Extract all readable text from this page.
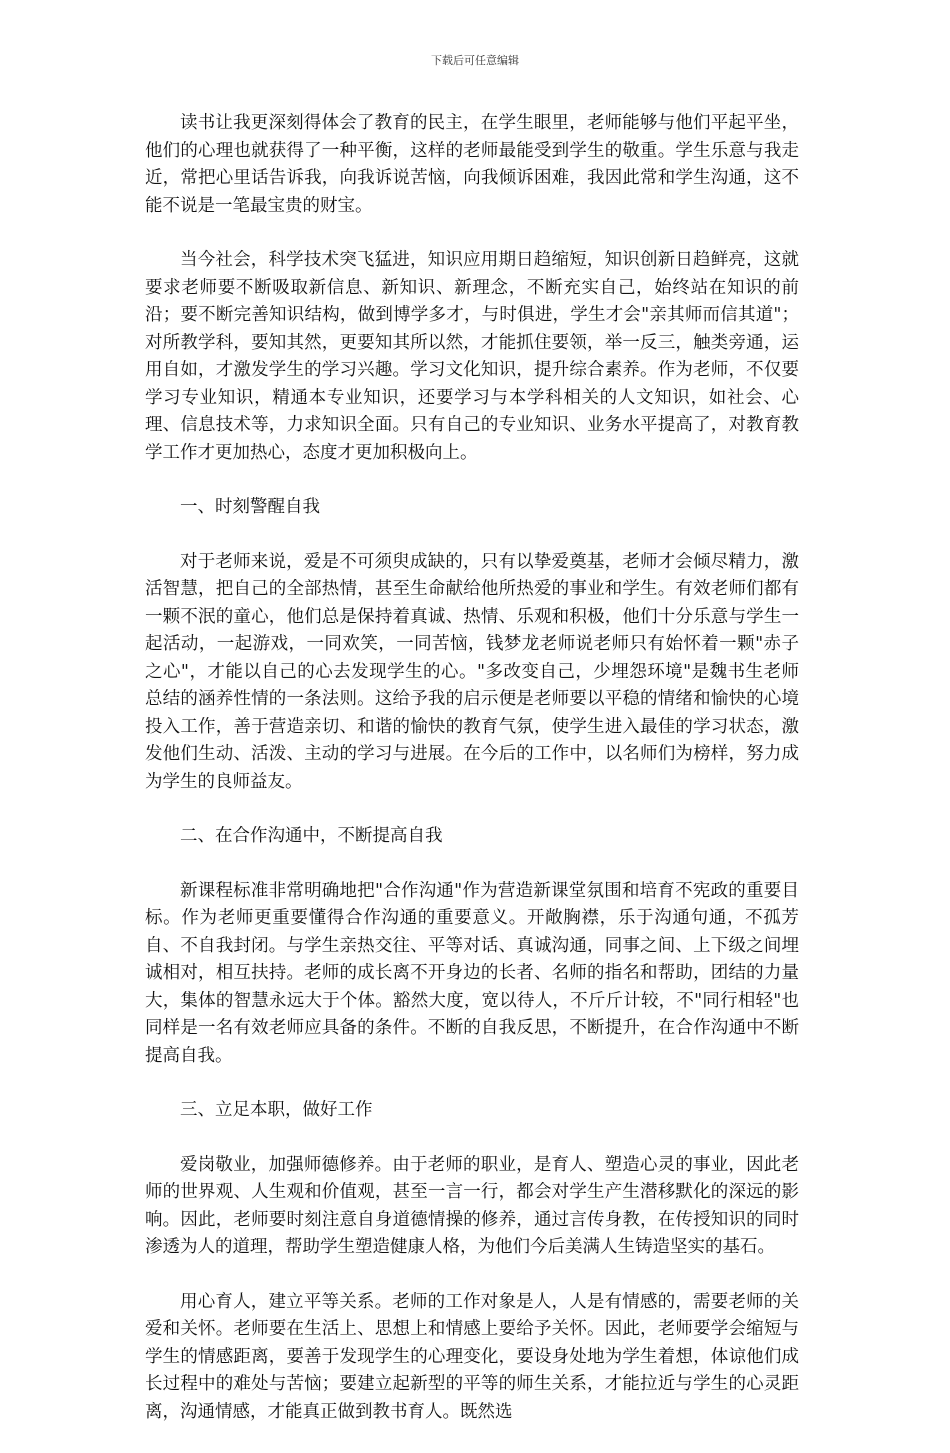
下载后可任意编辑

读书让我更深刻得体会了教育的民主，在学生眼里，老师能够与他们平起平坐，他们的心理也就获得了一种平衡，这样的老师最能受到学生的敬重。学生乐意与我走近，常把心里话告诉我，向我诉说苦恼，向我倾诉困难，我因此常和学生沟通，这不能不说是一笔最宝贵的财宝。

当今社会，科学技术突飞猛进，知识应用期日趋缩短，知识创新日趋鲜亮，这就要求老师要不断吸取新信息、新知识、新理念，不断充实自己，始终站在知识的前沿；要不断完善知识结构，做到博学多才，与时俱进，学生才会"亲其师而信其道"；对所教学科，要知其然，更要知其所以然，才能抓住要领，举一反三，触类旁通，运用自如，才激发学生的学习兴趣。学习文化知识，提升综合素养。作为老师，不仅要学习专业知识，精通本专业知识，还要学习与本学科相关的人文知识，如社会、心理、信息技术等，力求知识全面。只有自己的专业知识、业务水平提高了，对教育教学工作才更加热心，态度才更加积极向上。

一、时刻警醒自我

对于老师来说，爱是不可须臾成缺的，只有以挚爱奠基，老师才会倾尽精力，激活智慧，把自己的全部热情，甚至生命献给他所热爱的事业和学生。有效老师们都有一颗不泯的童心，他们总是保持着真诚、热情、乐观和积极，他们十分乐意与学生一起活动，一起游戏，一同欢笑，一同苦恼，钱梦龙老师说老师只有始怀着一颗"赤子之心"，才能以自己的心去发现学生的心。"多改变自己，少埋怨环境"是魏书生老师总结的涵养性情的一条法则。这给予我的启示便是老师要以平稳的情绪和愉快的心境投入工作，善于营造亲切、和谐的愉快的教育气氛，使学生进入最佳的学习状态，激发他们生动、活泼、主动的学习与进展。在今后的工作中，以名师们为榜样，努力成为学生的良师益友。

二、在合作沟通中，不断提高自我

新课程标准非常明确地把"合作沟通"作为营造新课堂氛围和培育不宪政的重要目标。作为老师更重要懂得合作沟通的重要意义。开敞胸襟，乐于沟通句通，不孤芳自、不自我封闭。与学生亲热交往、平等对话、真诚沟通，同事之间、上下级之间埋诚相对，相互扶持。老师的成长离不开身边的长者、名师的指名和帮助，团结的力量大，集体的智慧永远大于个体。豁然大度，宽以待人，不斤斤计较，不"同行相轻"也同样是一名有效老师应具备的条件。不断的自我反思，不断提升，在合作沟通中不断提高自我。

三、立足本职，做好工作

爱岗敬业，加强师德修养。由于老师的职业，是育人、塑造心灵的事业，因此老师的世界观、人生观和价值观，甚至一言一行，都会对学生产生潜移默化的深远的影响。因此，老师要时刻注意自身道德情操的修养，通过言传身教，在传授知识的同时渗透为人的道理，帮助学生塑造健康人格，为他们今后美满人生铸造坚实的基石。

用心育人，建立平等关系。老师的工作对象是人，人是有情感的，需要老师的关爱和关怀。老师要在生活上、思想上和情感上要给予关怀。因此，老师要学会缩短与学生的情感距离，要善于发现学生的心理变化，要设身处地为学生着想，体谅他们成长过程中的难处与苦恼；要建立起新型的平等的师生关系，才能拉近与学生的心灵距离，沟通情感，才能真正做到教书育人。既然选
